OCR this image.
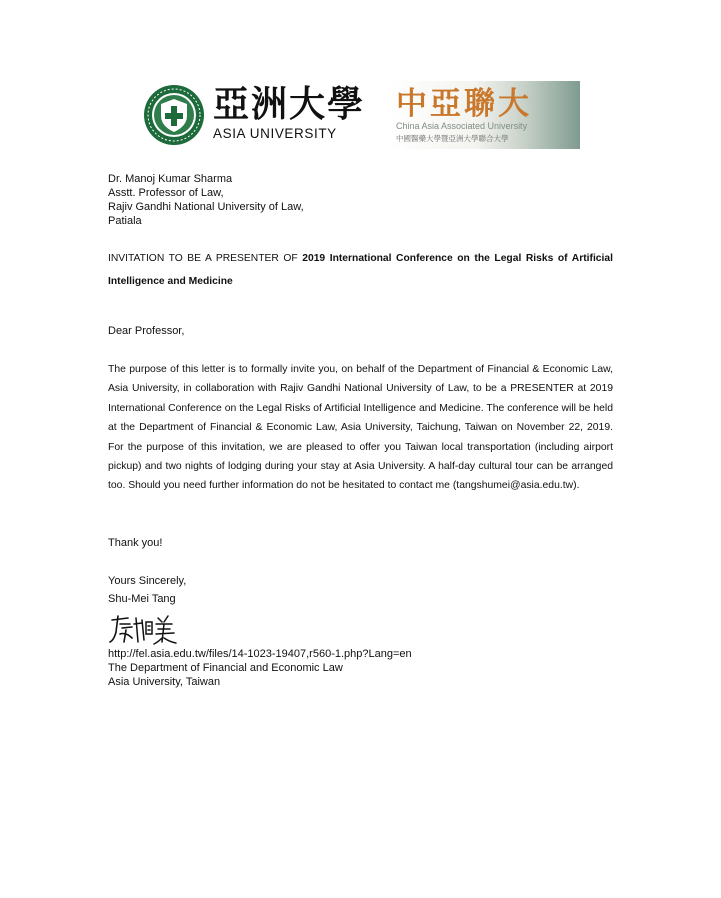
亞洲大學
ASIA UNIVERSITY
中亞聯大
China Asia Associated University
中國醫藥大學暨亞洲大學聯合大學
Dr. Manoj Kumar Sharma
Asstt. Professor of Law,
Rajiv Gandhi National University of Law,
Patiala
INVITATION TO BE A PRESENTER OF 2019 International Conference on the Legal Risks of Artificial Intelligence and Medicine
Dear Professor,
The purpose of this letter is to formally invite you, on behalf of the Department of Financial & Economic Law, Asia University, in collaboration with Rajiv Gandhi National University of Law, to be a PRESENTER at 2019 International Conference on the Legal Risks of Artificial Intelligence and Medicine. The conference will be held at the Department of Financial & Economic Law, Asia University, Taichung, Taiwan on November 22, 2019. For the purpose of this invitation, we are pleased to offer you Taiwan local transportation (including airport pickup) and two nights of lodging during your stay at Asia University. A half-day cultural tour can be arranged too. Should you need further information do not be hesitated to contact me (tangshumei@asia.edu.tw).
Thank you!
Yours Sincerely,
Shu-Mei Tang
http://fel.asia.edu.tw/files/14-1023-19407,r560-1.php?Lang=en
The Department of Financial and Economic Law
Asia University, Taiwan
